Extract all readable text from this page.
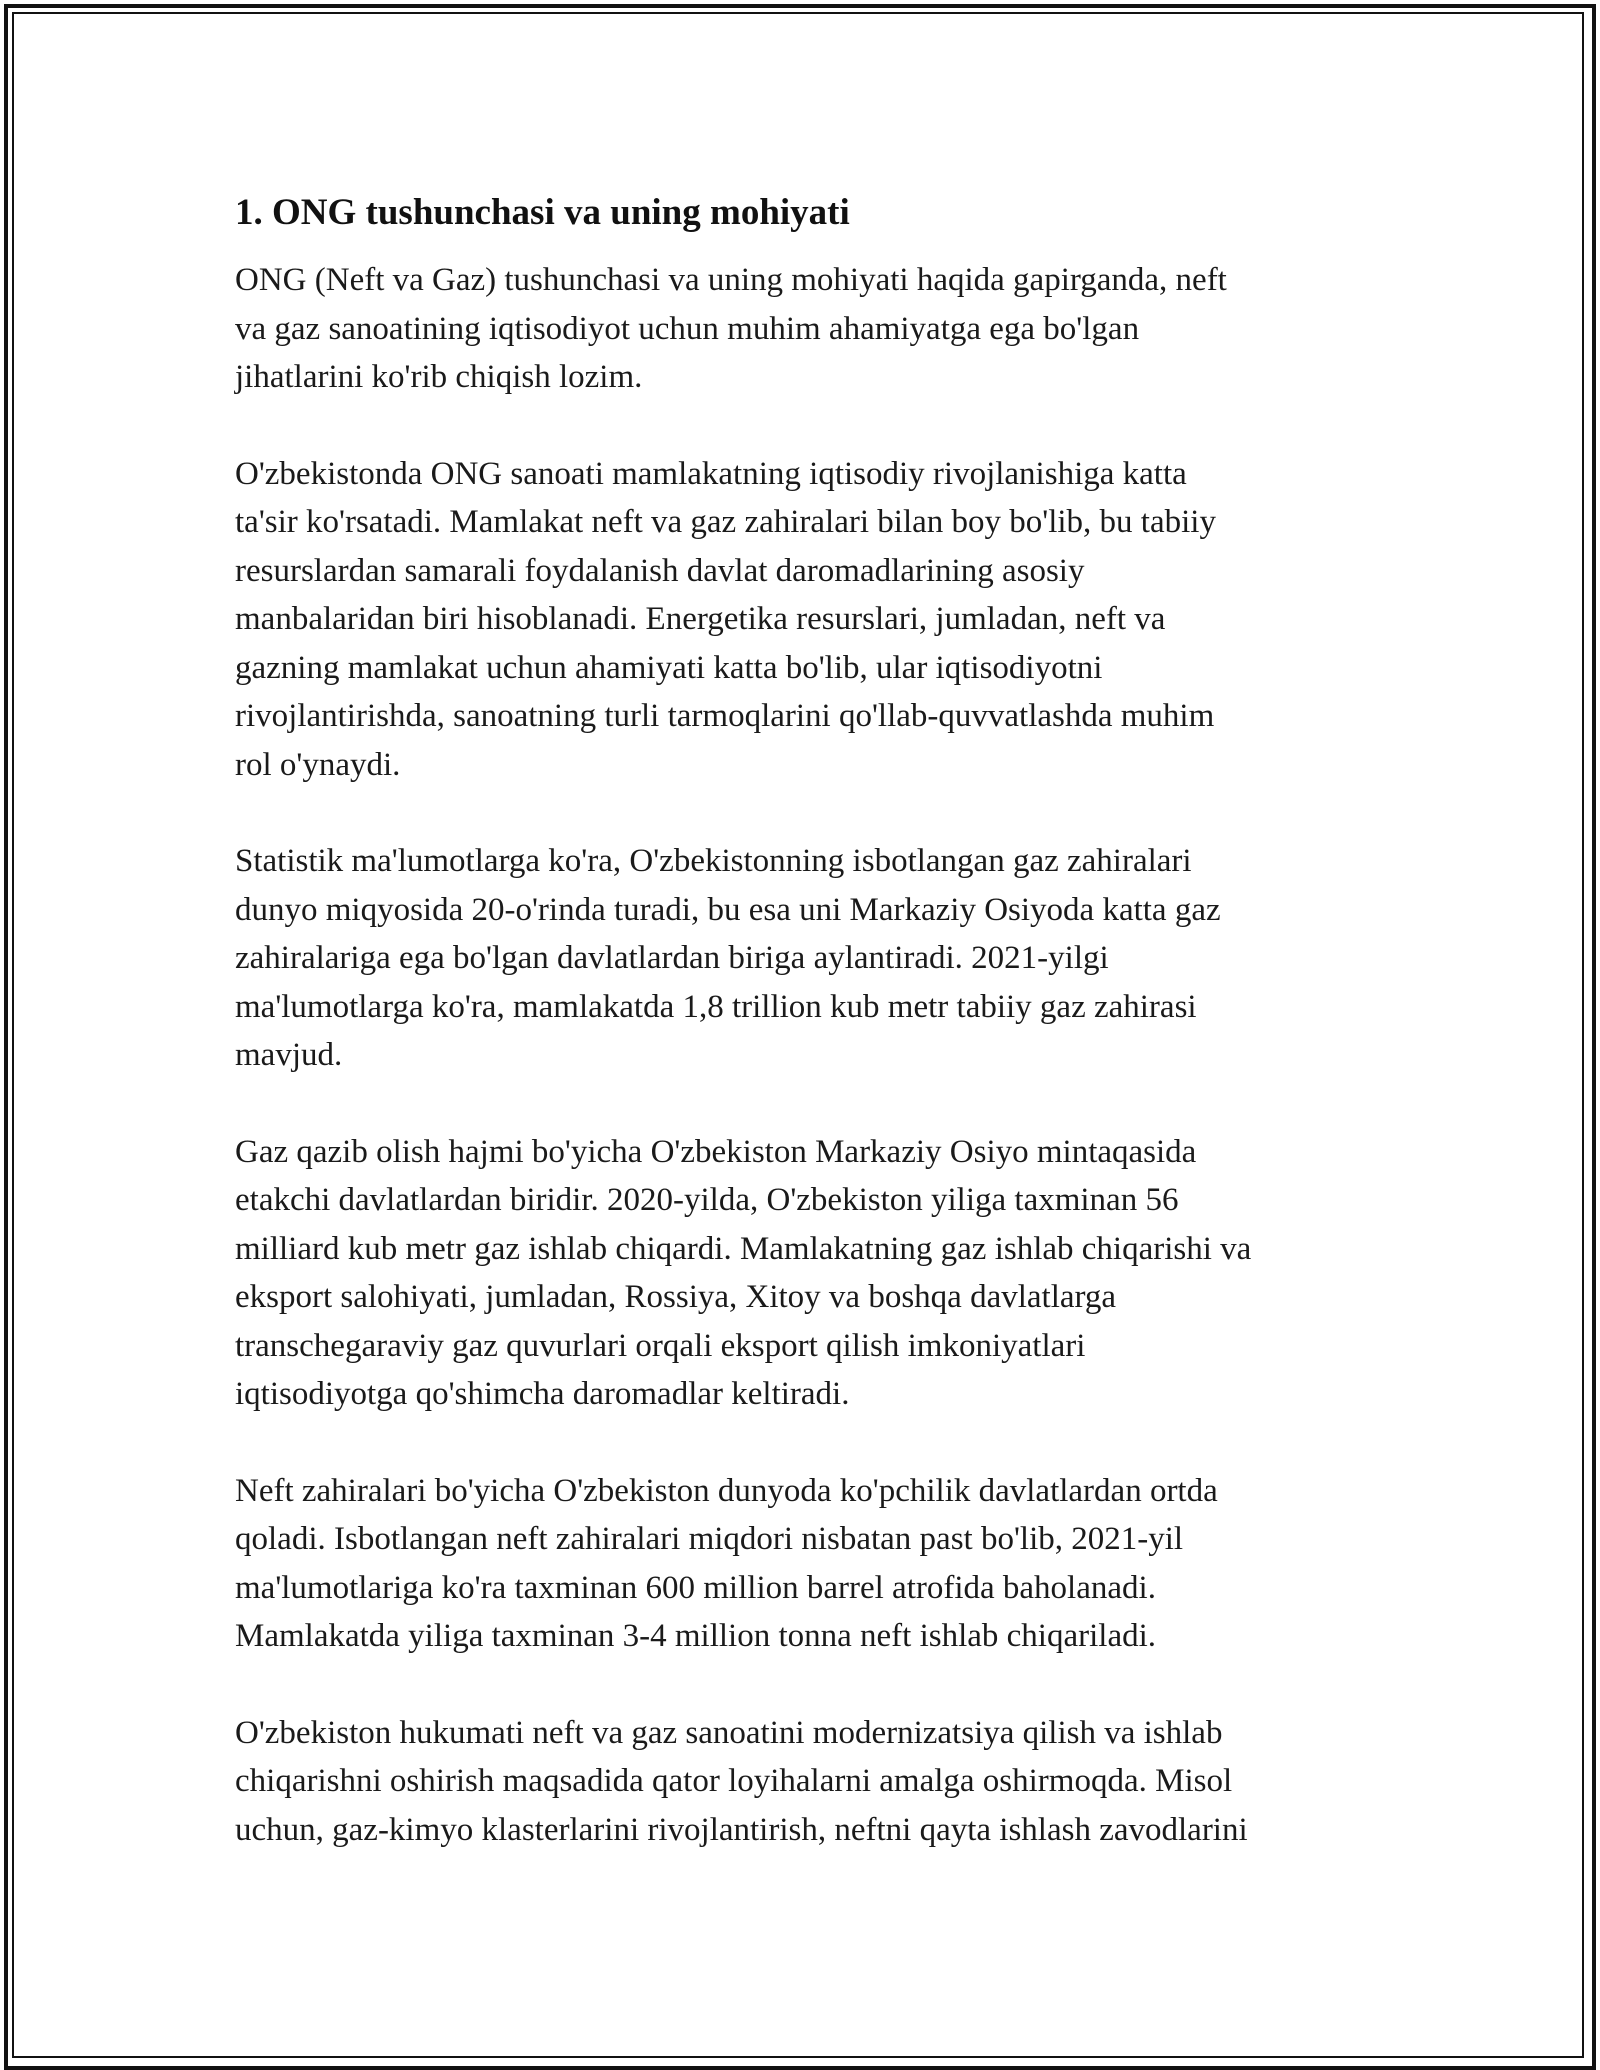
1. ONG tushunchasi va uning mohiyati

ONG (Neft va Gaz) tushunchasi va uning mohiyati haqida gapirganda, neft
va gaz sanoatining iqtisodiyot uchun muhim ahamiyatga ega bo'lgan
jihatlarini ko'rib chiqish lozim.

O'zbekistonda ONG sanoati mamlakatning iqtisodiy rivojlanishiga katta
ta'sir ko'rsatadi. Mamlakat neft va gaz zahiralari bilan boy bo'lib, bu tabiiy
resurslardan samarali foydalanish davlat daromadlarining asosiy
manbalaridan biri hisoblanadi. Energetika resurslari, jumladan, neft va
gazning mamlakat uchun ahamiyati katta bo'lib, ular iqtisodiyotni
rivojlantirishda, sanoatning turli tarmoqlarini qo'llab-quvvatlashda muhim
rol o'ynaydi.

Statistik ma'lumotlarga ko'ra, O'zbekistonning isbotlangan gaz zahiralari
dunyo miqyosida 20-o'rinda turadi, bu esa uni Markaziy Osiyoda katta gaz
zahiralariga ega bo'lgan davlatlardan biriga aylantiradi. 2021-yilgi
ma'lumotlarga ko'ra, mamlakatda 1,8 trillion kub metr tabiiy gaz zahirasi
mavjud.

Gaz qazib olish hajmi bo'yicha O'zbekiston Markaziy Osiyo mintaqasida
etakchi davlatlardan biridir. 2020-yilda, O'zbekiston yiliga taxminan 56
milliard kub metr gaz ishlab chiqardi. Mamlakatning gaz ishlab chiqarishi va
eksport salohiyati, jumladan, Rossiya, Xitoy va boshqa davlatlarga
transchegaraviy gaz quvurlari orqali eksport qilish imkoniyatlari
iqtisodiyotga qo'shimcha daromadlar keltiradi.

Neft zahiralari bo'yicha O'zbekiston dunyoda ko'pchilik davlatlardan ortda
qoladi. Isbotlangan neft zahiralari miqdori nisbatan past bo'lib, 2021-yil
ma'lumotlariga ko'ra taxminan 600 million barrel atrofida baholanadi.
Mamlakatda yiliga taxminan 3-4 million tonna neft ishlab chiqariladi.

O'zbekiston hukumati neft va gaz sanoatini modernizatsiya qilish va ishlab
chiqarishni oshirish maqsadida qator loyihalarni amalga oshirmoqda. Misol
uchun, gaz-kimyo klasterlarini rivojlantirish, neftni qayta ishlash zavodlarini
